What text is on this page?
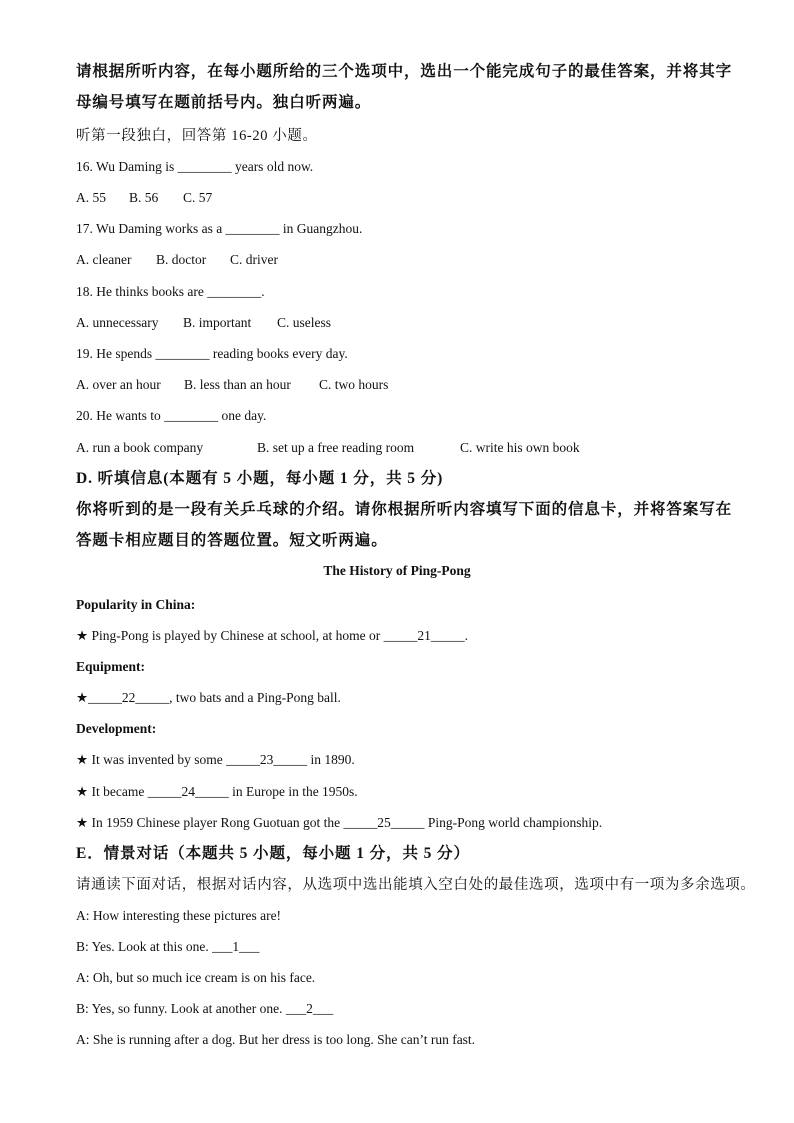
请根据所听内容，在每小题所给的三个选项中，选出一个能完成句子的最佳答案，并将其字
母编号填写在题前括号内。独白听两遍。
听第一段独白，回答第 16-20 小题。
16. Wu Daming is ________ years old now.
A. 55 B. 56 C. 57
17. Wu Daming works as a ________ in Guangzhou.
A. cleaner B. doctor C. driver
18. He thinks books are ________.
A. unnecessary B. important C. useless
19. He spends ________ reading books every day.
A. over an hour B. less than an hour C. two hours
20. He wants to ________ one day.
A. run a book company	B. set up a free reading room	C. write his own book
D. 听填信息(本题有 5 小题，每小题 1 分，共 5 分)
你将听到的是一段有关乒乓球的介绍。请你根据所听内容填写下面的信息卡，并将答案写在
答题卡相应题目的答题位置。短文听两遍。
The History of Ping-Pong
Popularity in China:
★ Ping-Pong is played by Chinese at school, at home or _____21_____.
Equipment:
★_____22_____, two bats and a Ping-Pong ball.
Development:
★ It was invented by some _____23_____ in 1890.
★ It became _____24_____ in Europe in the 1950s.
★ In 1959 Chinese player Rong Guotuan got the _____25_____ Ping-Pong world championship.
E．情景对话（本题共 5 小题，每小题 1 分，共 5 分）
请通读下面对话，根据对话内容，从选项中选出能填入空白处的最佳选项，选项中有一项为多余选项。
A: How interesting these pictures are!
B: Yes. Look at this one. ___1___
A: Oh, but so much ice cream is on his face.
B: Yes, so funny. Look at another one. ___2___
A: She is running after a dog. But her dress is too long. She can’t run fast.
